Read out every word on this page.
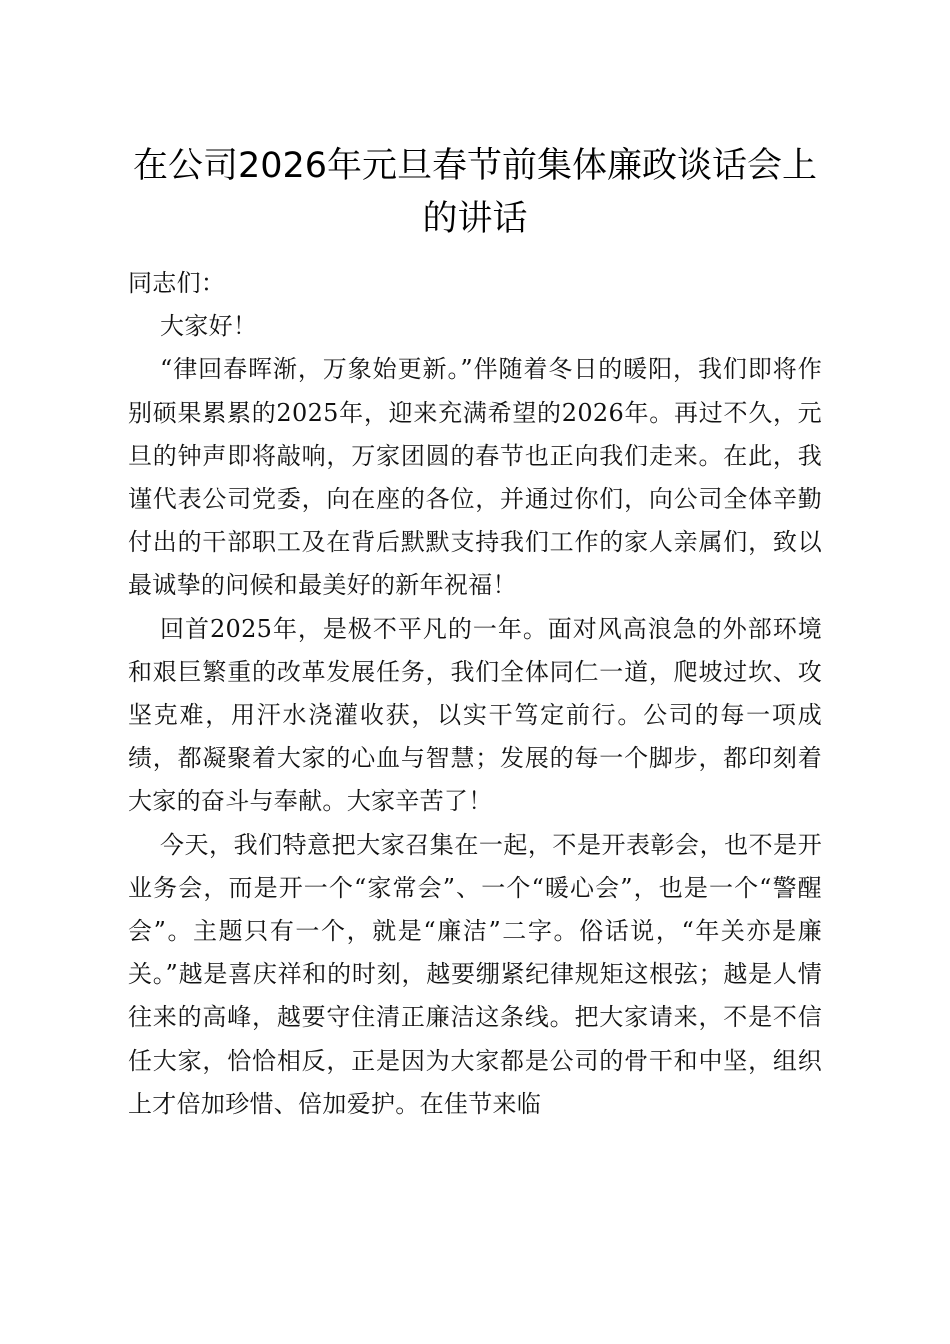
在公司2026年元旦春节前集体廉政谈话会上的讲话

同志们：

大家好！

“律回春晖渐，万象始更新。”伴随着冬日的暖阳，我们即将作别硕果累累的2025年，迎来充满希望的2026年。再过不久，元旦的钟声即将敲响，万家团圆的春节也正向我们走来。在此，我谨代表公司党委，向在座的各位，并通过你们，向公司全体辛勤付出的干部职工及在背后默默支持我们工作的家人亲属们，致以最诚挚的问候和最美好的新年祝福！

回首2025年，是极不平凡的一年。面对风高浪急的外部环境和艰巨繁重的改革发展任务，我们全体同仁一道，爬坡过坎、攻坚克难，用汗水浇灌收获，以实干笃定前行。公司的每一项成绩，都凝聚着大家的心血与智慧；发展的每一个脚步，都印刻着大家的奋斗与奉献。大家辛苦了！

今天，我们特意把大家召集在一起，不是开表彰会，也不是开业务会，而是开一个“家常会”、一个“暖心会”，也是一个“警醒会”。主题只有一个，就是“廉洁”二字。俗话说，“年关亦是廉关。”越是喜庆祥和的时刻，越要绷紧纪律规矩这根弦；越是人情往来的高峰，越要守住清正廉洁这条线。把大家请来，不是不信任大家，恰恰相反，正是因为大家都是公司的骨干和中坚，组织上才倍加珍惜、倍加爱护。在佳节来临
